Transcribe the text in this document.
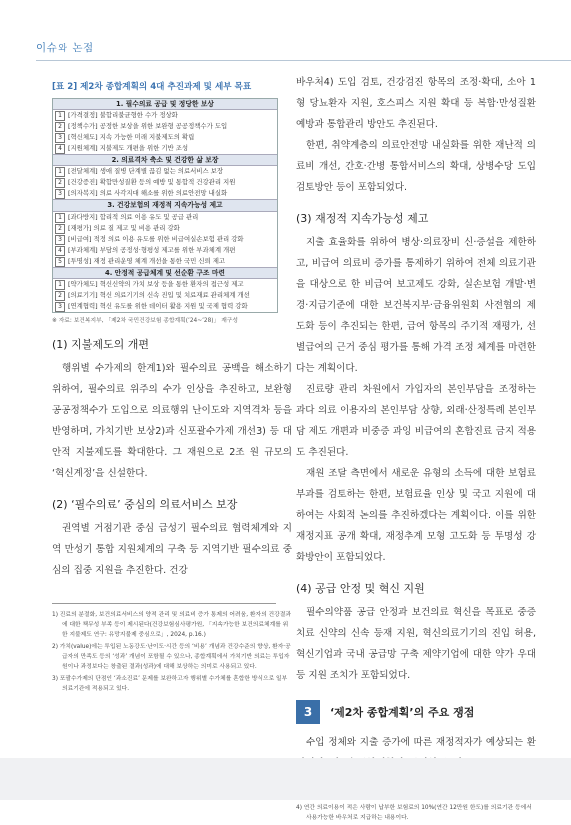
이슈와 논점
[표 2] 제2차 종합계획의 4대 추진과제 및 세부 목표
1. 필수의료 공급 및 정당한 보상
1 [가격결정] 불합리불균형한 수가 정상화
2 [정책수가] 공정한 보상을 위한 보완형 공공정책수가 도입
3 [혁신체도] 지속 가능한 미래 지불제도의 확립
4 [지원체계] 지불제도 개편을 위한 기반 조성
2. 의료격차 축소 및 건강한 삶 보장
1 [전달체계] 생애 질병 단계별 끊김 없는 의료서비스 보장
2 [건강증진] 확합만성질환 등의 예방 및 통합적 건강관리 지원
3 [의자복지] 의료 사각지대 해소를 위한 의료안전망 내실화
3. 건강보험의 재정적 지속가능성 제고
1 [과다방지] 합리적 의료 이용 유도 및 공급 관리
2 [재평가] 의료 질 제고 및 비용 관리 강화
3 [비급여] 적정 의료 이용 유도를 위한 비급여실손보험 관리 강화
4 [부과체계] 부담의 공정성·형평성 제고를 위한 부과체계 개편
5 [투명성] 재정 관리운영 체계 개선을 통한 국민 신뢰 제고
4. 안정적 공급체계 및 선순환 구조 마련
1 [약가체도] 혁신신약의 가치 보상 등을 통한 환자의 접근성 제고
2 [의료기기] 혁신 의료기기의 신속 진입 및 치료재료 관리체계 개선
3 [연계협력] 혁신 유도를 위한 데이터 활용 지원 및 국제 협력 강화
※ 자료: 보건복지부, 「제2차 국민건강보험 종합계획(’24~’28)」 재구성
(1) 지불제도의 개편

행위별 수가제의 한계1)와 필수의료 공백을 해소하기 위하여, 필수의료 위주의 수가 인상을 추진하고, 보완형 공공정책수가 도입으로 의료행위 난이도와 지역격차 등을 반영하며, 가치기반 보상2)과 신포괄수가제 개선3) 등 대안적 지불제도를 확대한다. 그 재원으로 2조 원 규모의 ‘혁신계정’을 신설한다.

(2) ‘필수의료’ 중심의 의료서비스 보장

권역별 거점기관 중심 급성기 필수의료 협력체계와 지역 만성기 통합 지원체계의 구축 등 지역기반 필수의료 중심의 집중 지원을 추진한다. 건강

1) 진료의 분절화, 보건의료서비스의 양적 관리 및 의료비 증가 통제의 어려움, 환자의 건강결과에 대한 책무성 부족 등이 제시된다(건강보험심사평가원, 「지속가능한 보건의료체계를 위한 지불제도 연구: 유망지불제 중심으로」, 2024, p.16.)

2) 가치(value)에는 투입된 노동강도·난이도·시간 등의 ‘비용’ 개념과 건강수준의 향상, 환자·공급자의 만족도 등의 ‘성과’ 개념이 포함될 수 있으나, 종합계획에서 가치기반 의료는 투입자원이나 과정보다는 창출된 결과(성과)에 대해 보상하는 의미로 사용되고 있다.

3) 포괄수가제의 단점인 ‘과소진료’ 문제를 보완하고자 행위별 수가체를 혼합한 방식으로 일부 의료기관에 적용되고 있다.

바우처4) 도입 검토, 건강검진 항목의 조정·확대, 소아 1형 당뇨환자 지원, 호스피스 지원 확대 등 복합·만성질환 예방과 통합관리 방안도 추진된다.

한편, 취약계층의 의료안전망 내실화를 위한 재난적 의료비 개선, 간호·간병 통합서비스의 확대, 상병수당 도입 검토방안 등이 포함되었다.

(3) 재정적 지속가능성 제고

지출 효율화를 위하여 병상·의료장비 신·증설을 제한하고, 비급여 의료비 증가를 통제하기 위하여 전체 의료기관을 대상으로 한 비급여 보고제도 강화, 실손보험 개발·변경·지급기준에 대한 보건복지부·금융위원회 사전협의 제도화 등이 추진되는 한편, 급여 항목의 주기적 재평가, 선별급여의 근거 중심 평가를 통해 가격 조정 체계를 마련한다는 계획이다.

진료량 관리 차원에서 가입자의 본인부담을 조정하는 과다 의료 이용자의 본인부담 상향, 외래·산정특례 본인부담 제도 개편과 비중증 과잉 비급여의 혼합진료 금지 적용도 추진된다.

재원 조달 측면에서 새로운 유형의 소득에 대한 보험료 부과를 검토하는 한편, 보험료율 인상 및 국고 지원에 대하여는 사회적 논의를 추진하겠다는 계획이다. 이를 위한 재정지표 공개 확대, 재정추계 모형 고도화 등 투명성 강화방안이 포함되었다.

(4) 공급 안정 및 혁신 지원

필수의약품 공급 안정과 보건의료 혁신을 목표로 중증 치료 신약의 신속 등재 지원, 혁신의료기기의 진입 허용, 혁신기업과 국내 공급망 구축 제약기업에 대한 약가 우대 등 지원 조치가 포함되었다.

3	‘제2차 종합계획’의 주요 쟁점

수입 정체와 지출 증가에 따른 재정적자가 예상되는 환

4) 연간 의료이용이 적은 사람이 납부한 보험료의 10%(연간 12만원 한도)를 의료기관 등에서 사용가능한 바우처로 지급하는 내용이다.
